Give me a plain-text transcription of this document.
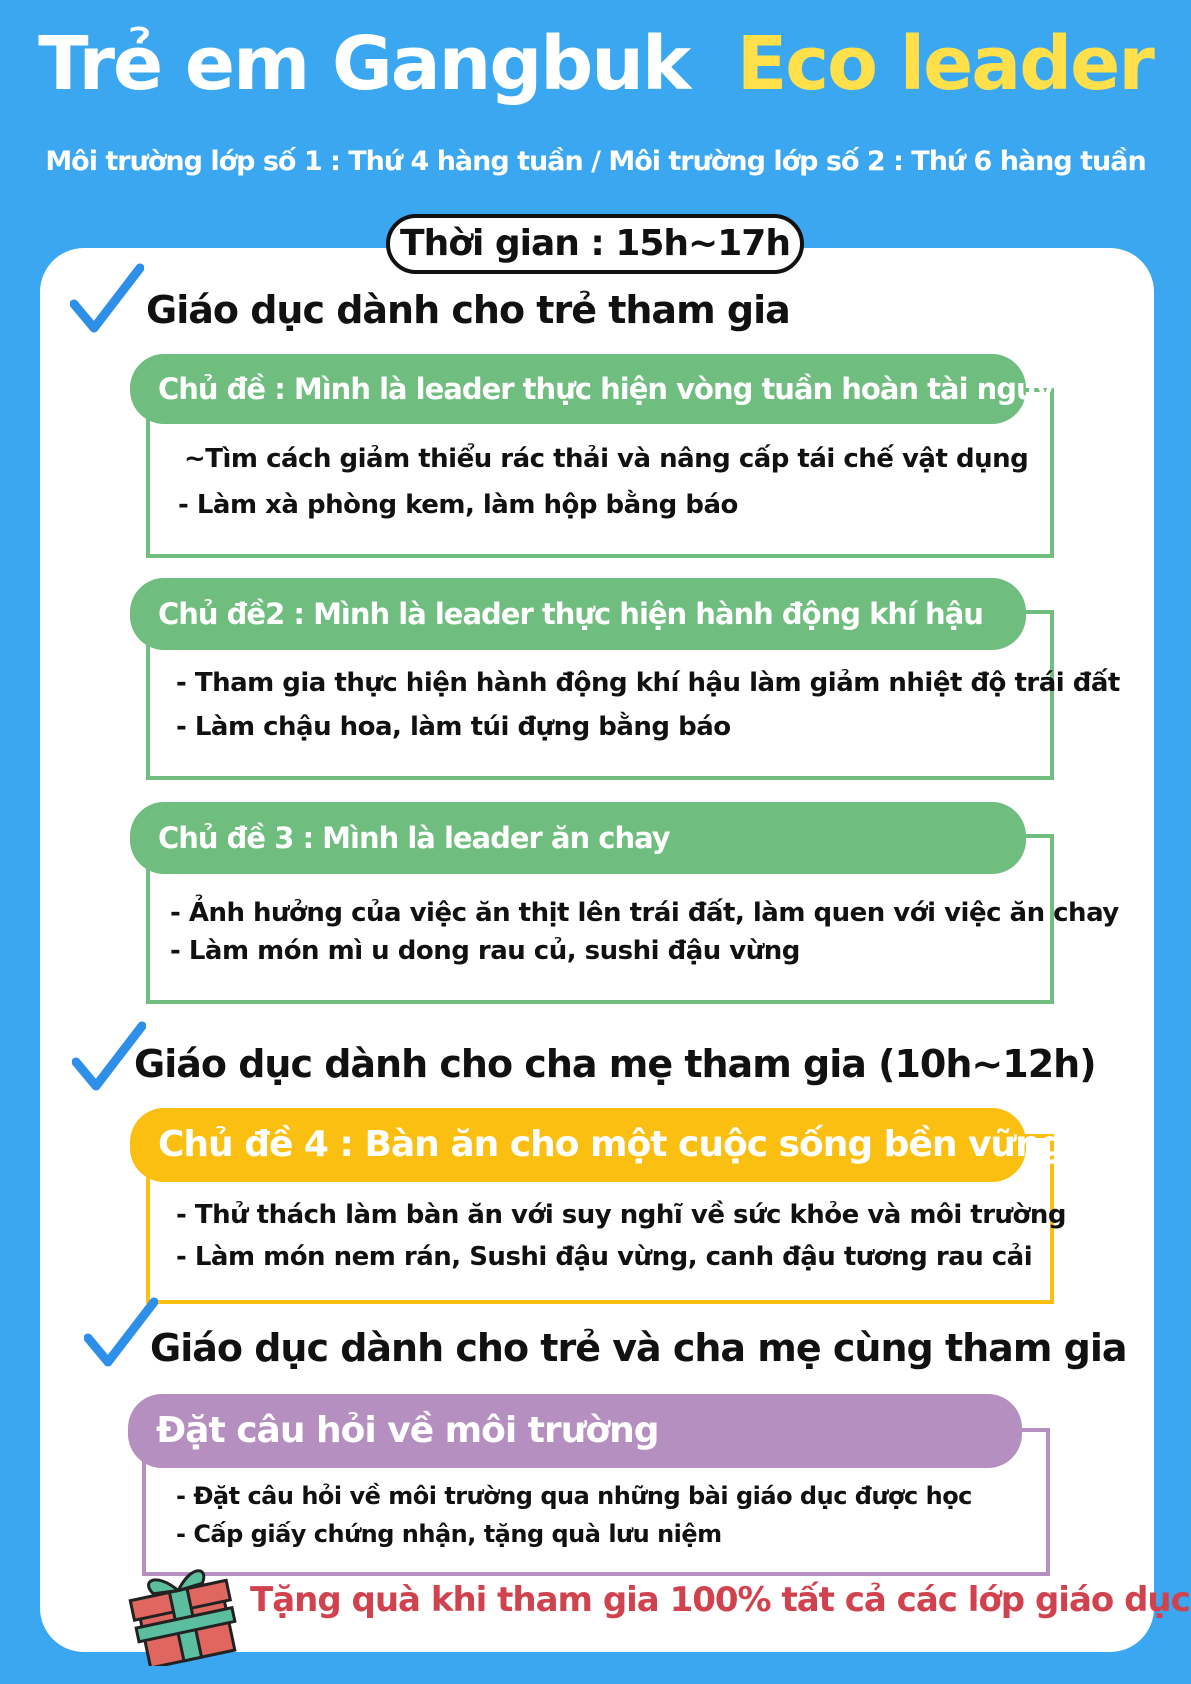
Trẻ em Gangbuk Eco leader
Môi trường lớp số 1 : Thứ 4 hàng tuần / Môi trường lớp số 2 : Thứ 6 hàng tuần
Thời gian : 15h~17h
Giáo dục dành cho trẻ tham gia
Chủ đề : Mình là leader thực hiện vòng tuần hoàn tài nguyên
~Tìm cách giảm thiểu rác thải và nâng cấp tái chế vật dụng
- Làm xà phòng kem, làm hộp bằng báo
Chủ đề2 : Mình là leader thực hiện hành động khí hậu
- Tham gia thực hiện hành động khí hậu làm giảm nhiệt độ trái đất
- Làm chậu hoa, làm túi đựng bằng báo
Chủ đề 3 : Mình là leader ăn chay
- Ảnh hưởng của việc ăn thịt lên trái đất, làm quen với việc ăn chay
- Làm món mì u dong rau củ, sushi đậu vừng
Giáo dục dành cho cha mẹ tham gia (10h~12h)
Chủ đề 4 : Bàn ăn cho một cuộc sống bền vững
- Thử thách làm bàn ăn với suy nghĩ về sức khỏe và môi trường
- Làm món nem rán, Sushi đậu vừng, canh đậu tương rau cải
Giáo dục dành cho trẻ và cha mẹ cùng tham gia
Đặt câu hỏi về môi trường
- Đặt câu hỏi về môi trường qua những bài giáo dục được học
- Cấp giấy chứng nhận, tặng quà lưu niệm
Tặng quà khi tham gia 100% tất cả các lớp giáo dục
